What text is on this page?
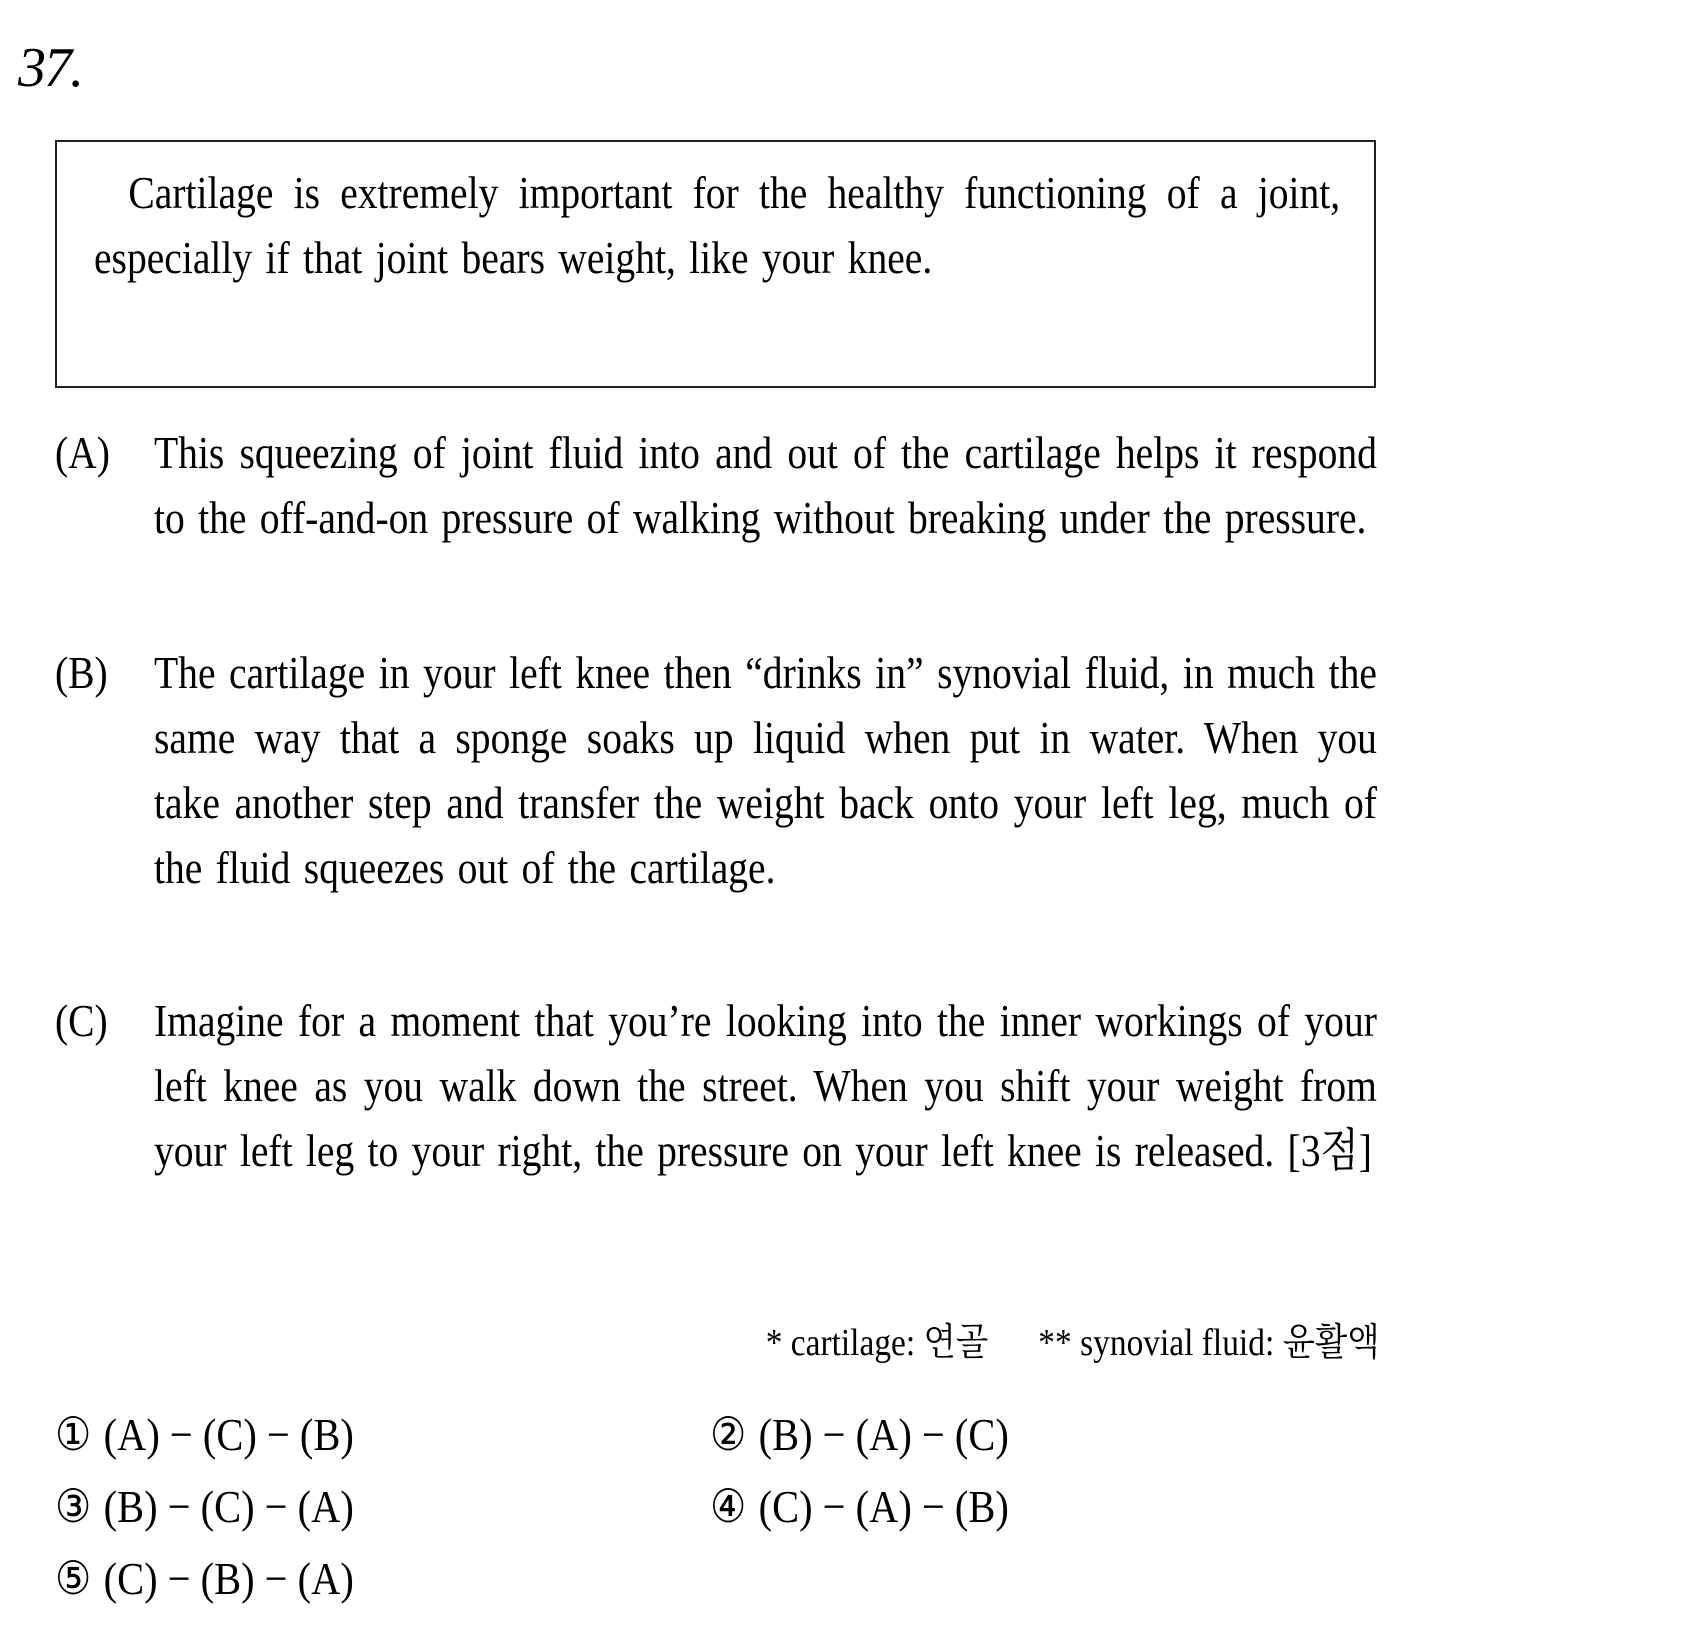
37.
Cartilage is extremely important for the healthy functioning of a joint, especially if that joint bears weight, like your knee.
(A) This squeezing of joint fluid into and out of the cartilage helps it respond to the off-and-on pressure of walking without breaking under the pressure.
(B) The cartilage in your left knee then “drinks in” synovial fluid, in much the same way that a sponge soaks up liquid when put in water. When you take another step and transfer the weight back onto your left leg, much of the fluid squeezes out of the cartilage.
(C) Imagine for a moment that you’re looking into the inner workings of your left knee as you walk down the street. When you shift your weight from your left leg to your right, the pressure on your left knee is released. [3점]
* cartilage: 연골 ** synovial fluid: 윤활액
① (A) − (C) − (B)	② (B) − (A) − (C)
③ (B) − (C) − (A)	④ (C) − (A) − (B)
⑤ (C) − (B) − (A)
